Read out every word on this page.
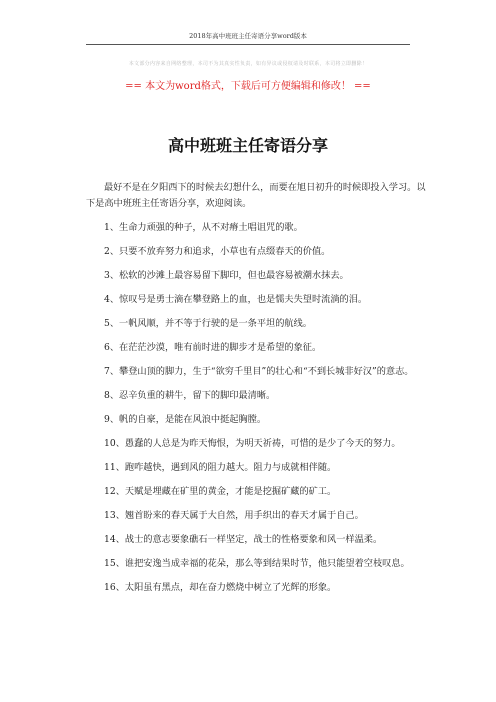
2018年高中班班主任寄语分享word版本
本文部分内容来自网络整理，本司不为其真实性负责，如有异议或侵权请及时联系，本司将立即删除！
== 本文为word格式，下载后可方便编辑和修改！ ==
高中班班主任寄语分享

最好不是在夕阳西下的时候去幻想什么，而要在旭日初升的时候即投入学习。以下是高中班班主任寄语分享，欢迎阅读。

1、生命力顽强的种子，从不对瘠土唱诅咒的歌。

2、只要不放弃努力和追求，小草也有点缀春天的价值。

3、松软的沙滩上最容易留下脚印，但也最容易被潮水抹去。

4、惊叹号是勇士滴在攀登路上的血，也是懦夫失望时流淌的泪。

5、一帆风顺，并不等于行驶的是一条平坦的航线。

6、在茫茫沙漠，唯有前时进的脚步才是希望的象征。

7、攀登山顶的脚力，生于“欲穷千里目”的壮心和“不到长城非好汉”的意志。

8、忍辛负重的耕牛，留下的脚印最清晰。

9、帆的自豪，是能在风浪中挺起胸膛。

10、愚蠢的人总是为昨天悔恨，为明天祈祷，可惜的是少了今天的努力。

11、跑咋越快，遇到风的阻力越大。阻力与成就相伴随。

12、天赋是埋藏在矿里的黄金，才能是挖掘矿藏的矿工。

13、翘首盼来的春天属于大自然，用手织出的春天才属于自己。

14、战士的意志要象礁石一样坚定，战士的性格要象和风一样温柔。

15、谁把安逸当成幸福的花朵，那么等到结果时节，他只能望着空枝叹息。

16、太阳虽有黑点，却在奋力燃烧中树立了光辉的形象。
